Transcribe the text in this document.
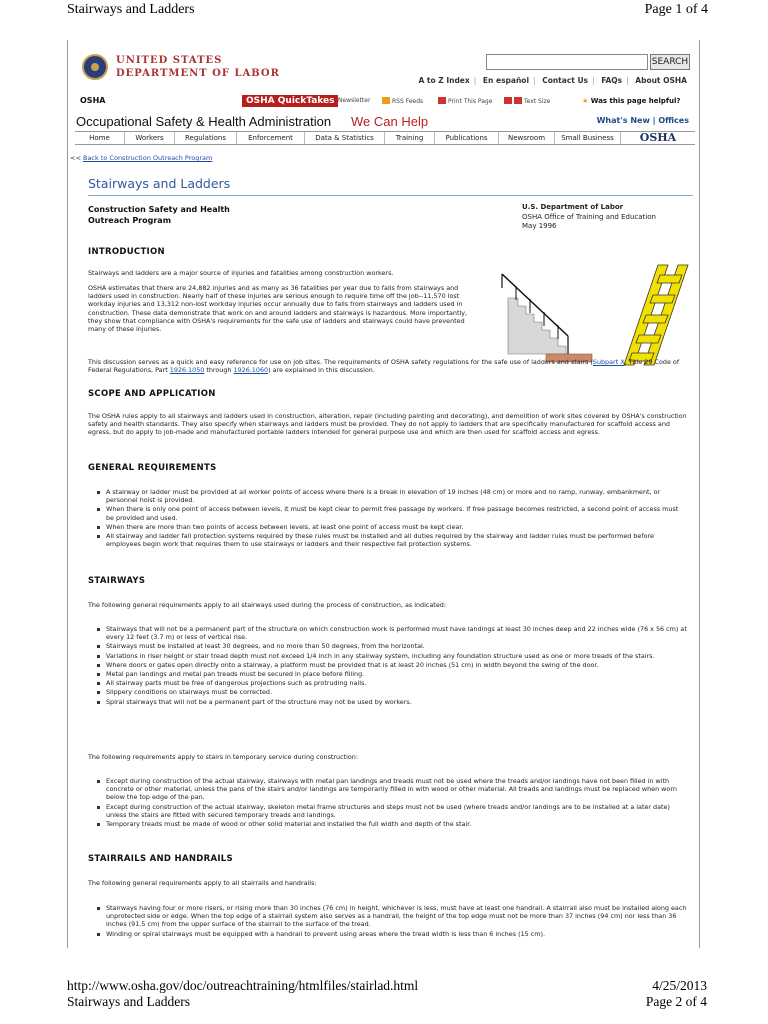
Stairways and Ladders	Page 1 of 4
UNITED STATES
DEPARTMENT OF LABOR
SEARCH
A to Z Index | En español | Contact Us | FAQs | About OSHA
OSHA	OSHA QuickTakes Newsletter	RSS Feeds	Print This Page	Text Size	★ Was this page helpful?
Occupational Safety & Health Administration We Can Help	What's New | Offices
Home	Workers	Regulations	Enforcement	Data & Statistics	Training	Publications	Newsroom	Small Business	OSHA
<< Back to Construction Outreach Program
Stairways and Ladders
Construction Safety and Health
Outreach Program
U.S. Department of Labor
OSHA Office of Training and Education
May 1996
INTRODUCTION

Stairways and ladders are a major source of injuries and fatalities among construction workers.

OSHA estimates that there are 24,882 injuries and as many as 36 fatalities per year due to falls from stairways and ladders used in construction. Nearly half of these injuries are serious enough to require time off the job--11,570 lost workday injuries and 13,312 non-lost workday injuries occur annually due to falls from stairways and ladders used in construction. These data demonstrate that work on and around ladders and stairways is hazardous. More importantly, they show that compliance with OSHA's requirements for the safe use of ladders and stairways could have prevented many of these injuries.

This discussion serves as a quick and easy reference for use on job sites. The requirements of OSHA safety regulations for the safe use of ladders and stairs (Subpart X, Title 29 Code of Federal Regulations, Part 1926.1050 through 1926.1060) are explained in this discussion.

SCOPE AND APPLICATION

The OSHA rules apply to all stairways and ladders used in construction, alteration, repair (including painting and decorating), and demolition of work sites covered by OSHA's construction safety and health standards. They also specify when stairways and ladders must be provided. They do not apply to ladders that are specifically manufactured for scaffold access and egress, but do apply to job-made and manufactured portable ladders intended for general purpose use and which are then used for scaffold access and egress.

GENERAL REQUIREMENTS
A stairway or ladder must be provided at all worker points of access where there is a break in elevation of 19 inches (48 cm) or more and no ramp, runway, embankment, or personnel hoist is provided.
When there is only one point of access between levels, it must be kept clear to permit free passage by workers. If free passage becomes restricted, a second point of access must be provided and used.
When there are more than two points of access between levels, at least one point of access must be kept clear.
All stairway and ladder fall protection systems required by these rules must be installed and all duties required by the stairway and ladder rules must be performed before employees begin work that requires them to use stairways or ladders and their respective fall protection systems.
STAIRWAYS

The following general requirements apply to all stairways used during the process of construction, as indicated:

Stairways that will not be a permanent part of the structure on which construction work is performed must have landings at least 30 inches deep and 22 inches wide (76 x 56 cm) at every 12 feet (3.7 m) or less of vertical rise.
Stairways must be installed at least 30 degrees, and no more than 50 degrees, from the horizontal.
Variations in riser height or stair tread depth must not exceed 1/4 inch in any stairway system, including any foundation structure used as one or more treads of the stairs.
Where doors or gates open directly onto a stairway, a platform must be provided that is at least 20 inches (51 cm) in width beyond the swing of the door.
Metal pan landings and metal pan treads must be secured in place before filling.
All stairway parts must be free of dangerous projections such as protruding nails.
Slippery conditions on stairways must be corrected.
Spiral stairways that will not be a permanent part of the structure may not be used by workers.

The following requirements apply to stairs in temporary service during construction:

Except during construction of the actual stairway, stairways with metal pan landings and treads must not be used where the treads and/or landings have not been filled in with concrete or other material, unless the pans of the stairs and/or landings are temporarily filled in with wood or other material. All treads and landings must be replaced when worn below the top edge of the pan.
Except during construction of the actual stairway, skeleton metal frame structures and steps must not be used (where treads and/or landings are to be installed at a later date) unless the stairs are fitted with secured temporary treads and landings.
Temporary treads must be made of wood or other solid material and installed the full width and depth of the stair.
STAIRRAILS AND HANDRAILS

The following general requirements apply to all stairrails and handrails:

Stairways having four or more risers, or rising more than 30 inches (76 cm) in height, whichever is less, must have at least one handrail. A stairrail also must be installed along each unprotected side or edge. When the top edge of a stairrail system also serves as a handrail, the height of the top edge must not be more than 37 inches (94 cm) nor less than 36 inches (91.5 cm) from the upper surface of the stairrail to the surface of the tread.
Winding or spiral stairways must be equipped with a handrail to prevent using areas where the tread width is less than 6 inches (15 cm).
http://www.osha.gov/doc/outreachtraining/htmlfiles/stairlad.html	4/25/2013
Stairways and Ladders	Page 2 of 4
